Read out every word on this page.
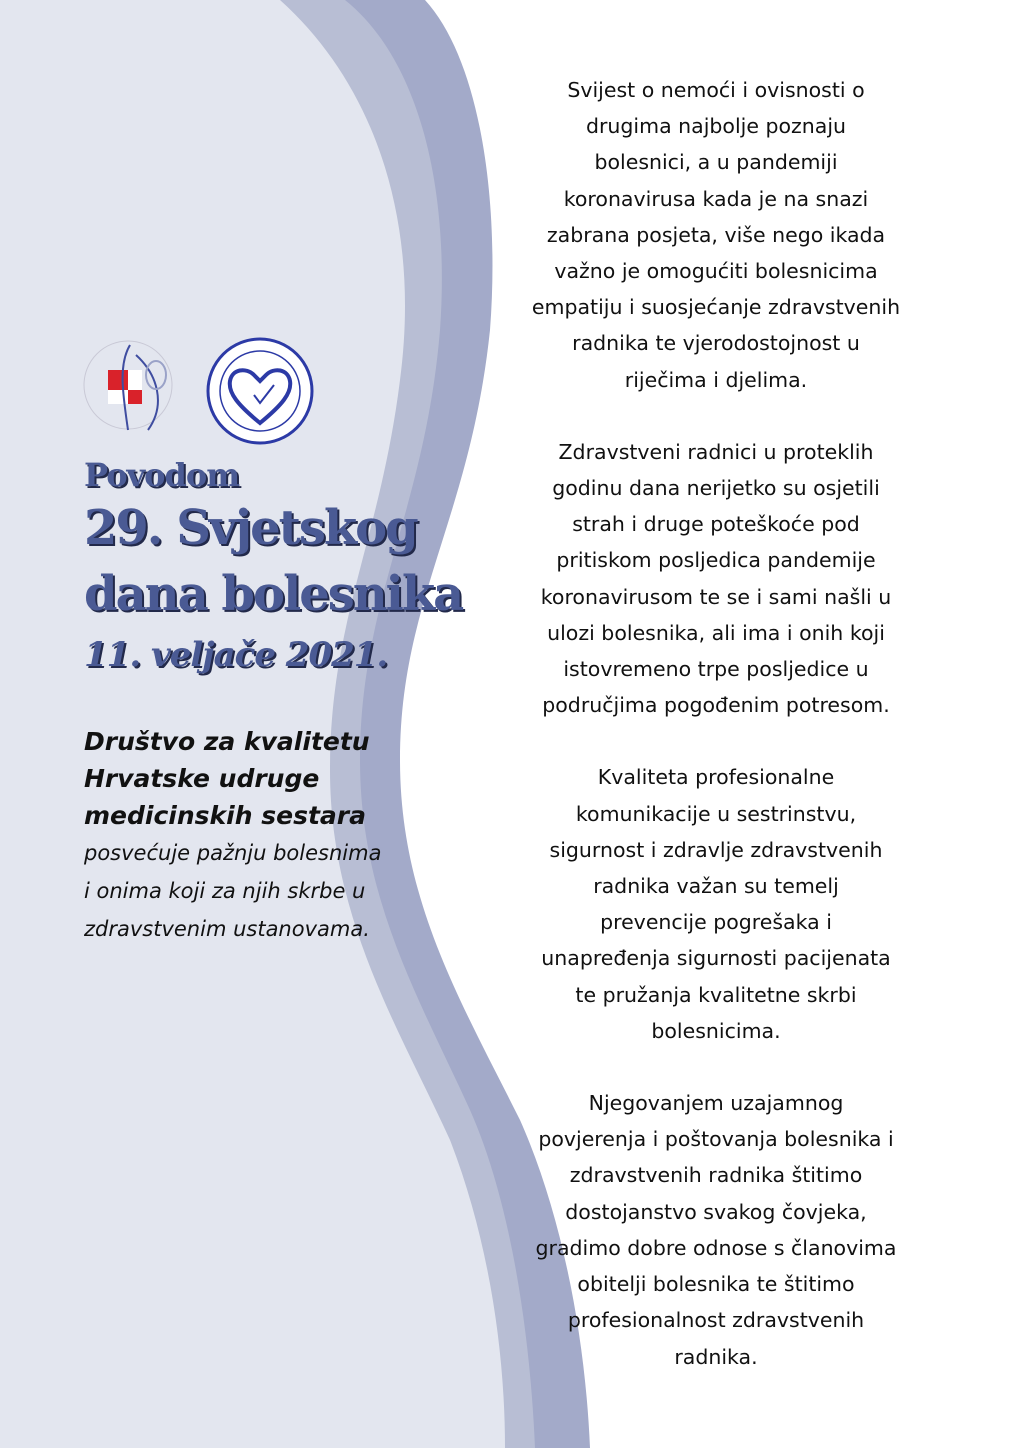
Povodom

29. Svjetskog

dana bolesnika

11. veljače 2021.

Društvo za kvalitetu

Hrvatske udruge

medicinskih sestara

posvećuje pažnju bolesnima

i onima koji za njih skrbe u

zdravstvenim ustanovama.

Svijest o nemoći i ovisnosti o
drugima najbolje poznaju
bolesnici, a u pandemiji
koronavirusa kada je na snazi
zabrana posjeta, više nego ikada
važno je omogućiti bolesnicima
empatiju i suosjećanje zdravstvenih
radnika te vjerodostojnost u
riječima i djelima.

Zdravstveni radnici u proteklih
godinu dana nerijetko su osjetili
strah i druge poteškoće pod
pritiskom posljedica pandemije
koronavirusom te se i sami našli u
ulozi bolesnika, ali ima i onih koji
istovremeno trpe posljedice u
područjima pogođenim potresom.

Kvaliteta profesionalne
komunikacije u sestrinstvu,
sigurnost i zdravlje zdravstvenih
radnika važan su temelj
prevencije pogrešaka i
unapređenja sigurnosti pacijenata
te pružanja kvalitetne skrbi
bolesnicima.

Njegovanjem uzajamnog
povjerenja i poštovanja bolesnika i
zdravstvenih radnika štitimo
dostojanstvo svakog čovjeka,
gradimo dobre odnose s članovima
obitelji bolesnika te štitimo
profesionalnost zdravstvenih
radnika.
